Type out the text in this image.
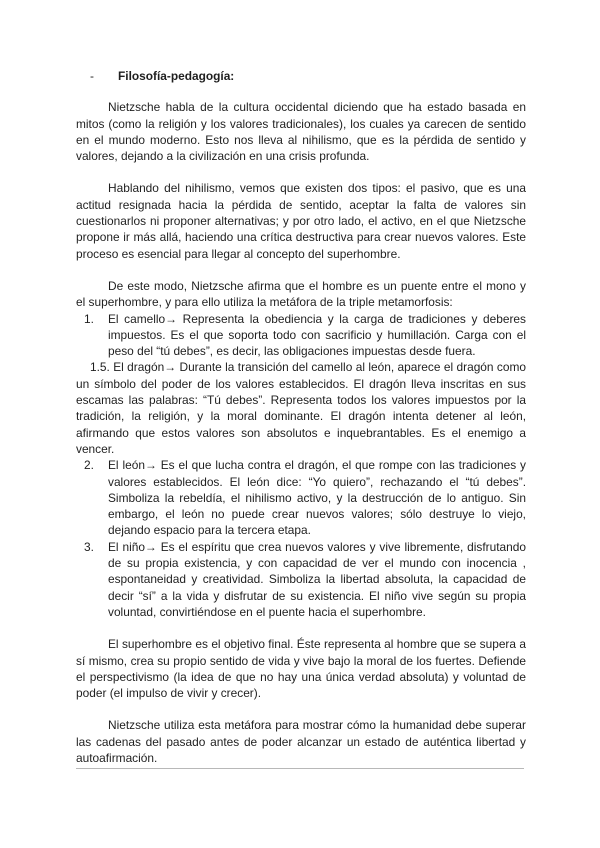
-	Filosofía-pedagogía:

Nietzsche habla de la cultura occidental diciendo que ha estado basada en mitos (como la religión y los valores tradicionales), los cuales ya carecen de sentido en el mundo moderno. Esto nos lleva al nihilismo, que es la pérdida de sentido y valores, dejando a la civilización en una crisis profunda.

Hablando del nihilismo, vemos que existen dos tipos: el pasivo, que es una actitud resignada hacia la pérdida de sentido, aceptar la falta de valores sin cuestionarlos ni proponer alternativas; y por otro lado, el activo, en el que Nietzsche propone ir más allá, haciendo una crítica destructiva para crear nuevos valores. Este proceso es esencial para llegar al concepto del superhombre.

De este modo, Nietzsche afirma que el hombre es un puente entre el mono y el superhombre, y para ello utiliza la metáfora de la triple metamorfosis:

1.	El camello→ Representa la obediencia y la carga de tradiciones y deberes impuestos. Es el que soporta todo con sacrificio y humillación. Carga con el peso del “tú debes”, es decir, las obligaciones impuestas desde fuera.
1.5. El dragón→ Durante la transición del camello al león, aparece el dragón como un símbolo del poder de los valores establecidos. El dragón lleva inscritas en sus escamas las palabras: “Tú debes”. Representa todos los valores impuestos por la tradición, la religión, y la moral dominante. El dragón intenta detener al león, afirmando que estos valores son absolutos e inquebrantables. Es el enemigo a vencer.
2.	El león→ Es el que lucha contra el dragón, el que rompe con las tradiciones y valores establecidos. El león dice: “Yo quiero”, rechazando el “tú debes”. Simboliza la rebeldía, el nihilismo activo, y la destrucción de lo antiguo. Sin embargo, el león no puede crear nuevos valores; sólo destruye lo viejo, dejando espacio para la tercera etapa.
3.	El niño→ Es el espíritu que crea nuevos valores y vive libremente, disfrutando de su propia existencia, y con capacidad de ver el mundo con inocencia , espontaneidad y creatividad. Simboliza la libertad absoluta, la capacidad de decir “sí” a la vida y disfrutar de su existencia. El niño vive según su propia voluntad, convirtiéndose en el puente hacia el superhombre.

El superhombre es el objetivo final. Éste representa al hombre que se supera a sí mismo, crea su propio sentido de vida y vive bajo la moral de los fuertes. Defiende el perspectivismo (la idea de que no hay una única verdad absoluta) y voluntad de poder (el impulso de vivir y crecer).

Nietzsche utiliza esta metáfora para mostrar cómo la humanidad debe superar las cadenas del pasado antes de poder alcanzar un estado de auténtica libertad y autoafirmación.
